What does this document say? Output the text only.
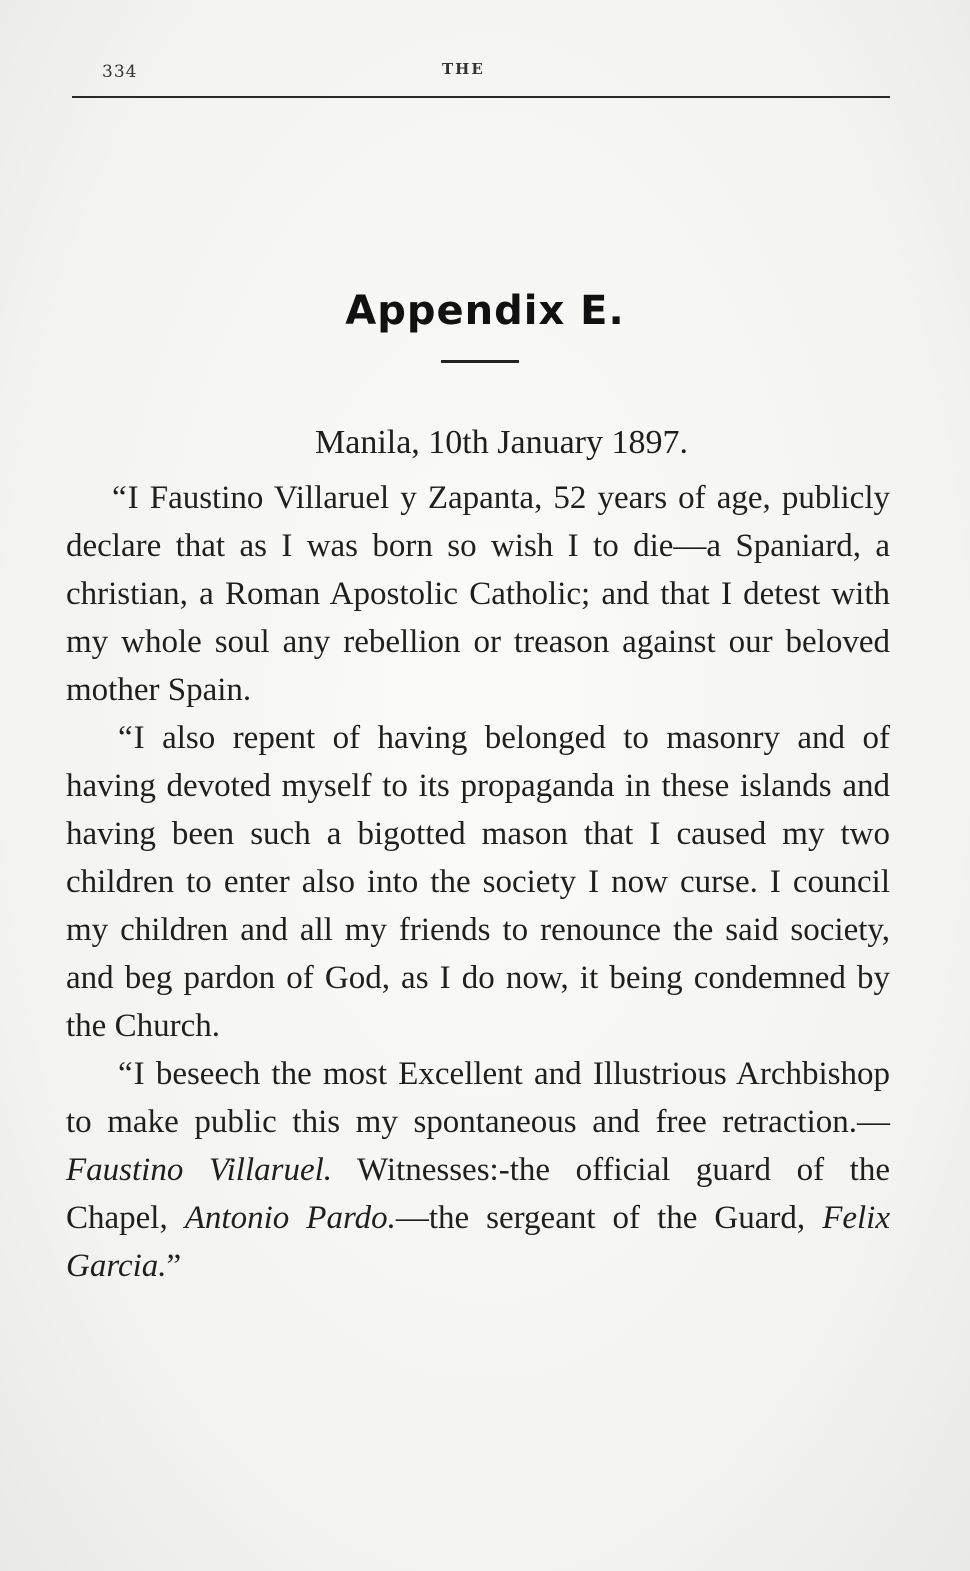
334	THE
Appendix E.
Manila, 10th January 1897.

“I Faustino Villaruel y Zapanta, 52 years of age, publicly declare that as I was born so wish I to die—a Spaniard, a christian, a Roman Apostolic Catholic; and that I detest with my whole soul any rebellion or treason against our beloved mother Spain.

“I also repent of having belonged to masonry and of having devoted myself to its propaganda in these islands and having been such a bigotted mason that I caused my two children to enter also into the society I now curse. I council my children and all my friends to renounce the said society, and beg pardon of God, as I do now, it being condemned by the Church.

“I beseech the most Excellent and Illustrious Archbishop to make public this my spontaneous and free retraction.—Faustino Villaruel. Witnesses:-the official guard of the Chapel, Antonio Pardo.—the sergeant of the Guard, Felix Garcia.”
